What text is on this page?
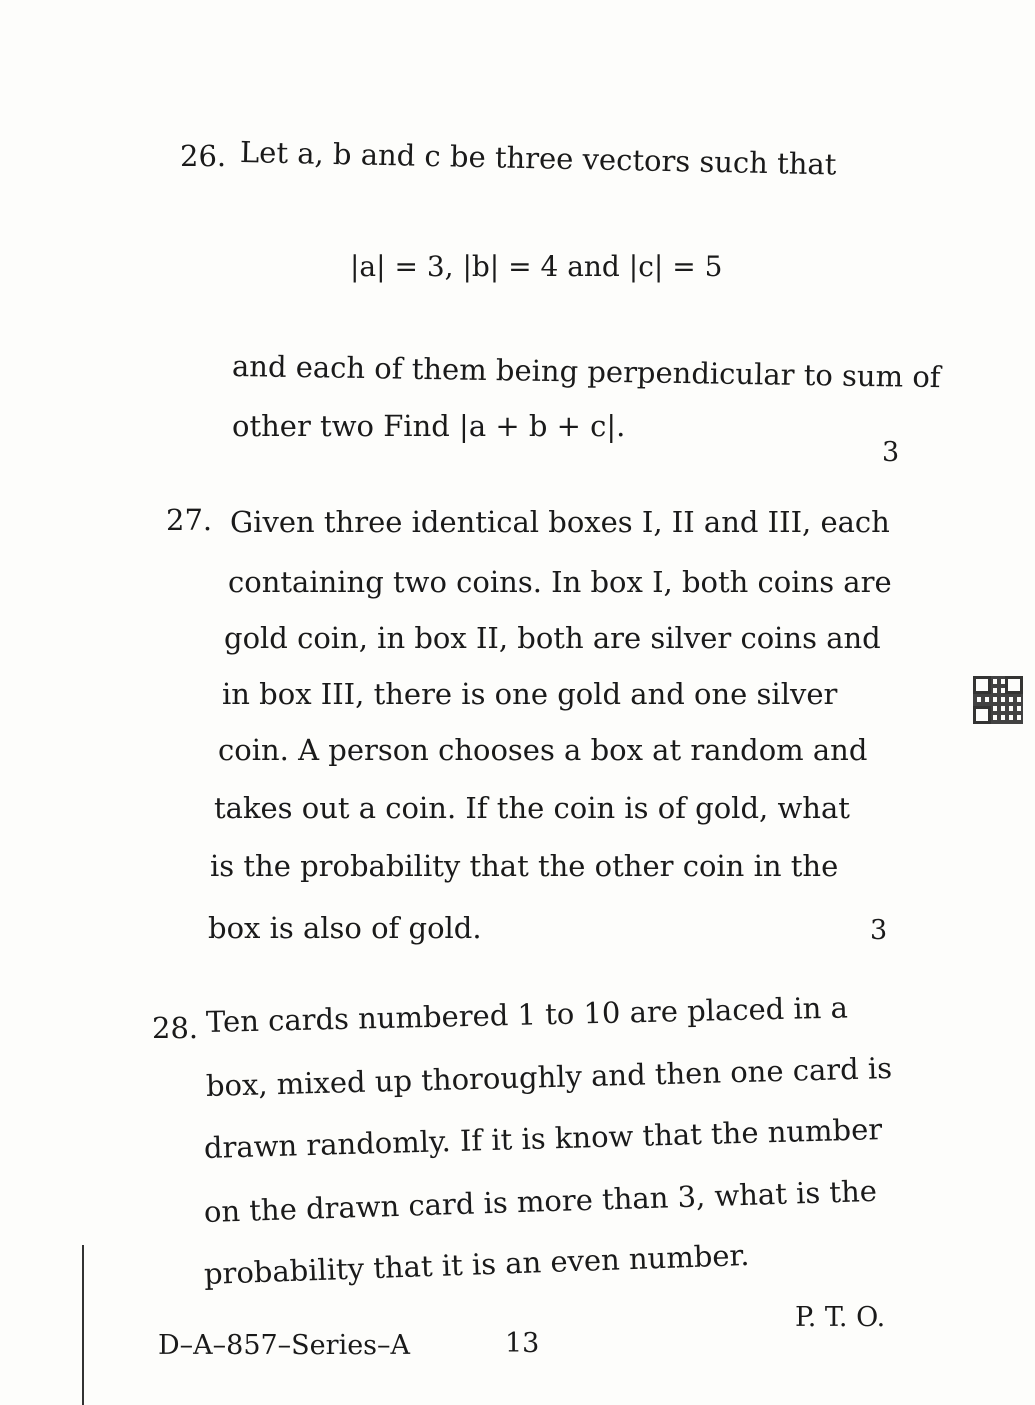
26. Let a, b and c be three vectors such that
|a| = 3, |b| = 4 and |c| = 5
and each of them being perpendicular to sum of
other two Find |a + b + c|.
3
27. Given three identical boxes I, II and III, each
containing two coins. In box I, both coins are
gold coin, in box II, both are silver coins and
in box III, there is one gold and one silver
coin. A person chooses a box at random and
takes out a coin. If the coin is of gold, what
is the probability that the other coin in the
box is also of gold.	3
28. Ten cards numbered 1 to 10 are placed in a
box, mixed up thoroughly and then one card is
drawn randomly. If it is know that the number
on the drawn card is more than 3, what is the
probability that it is an even number.
D–A–857–Series–A	13
P. T. O.
